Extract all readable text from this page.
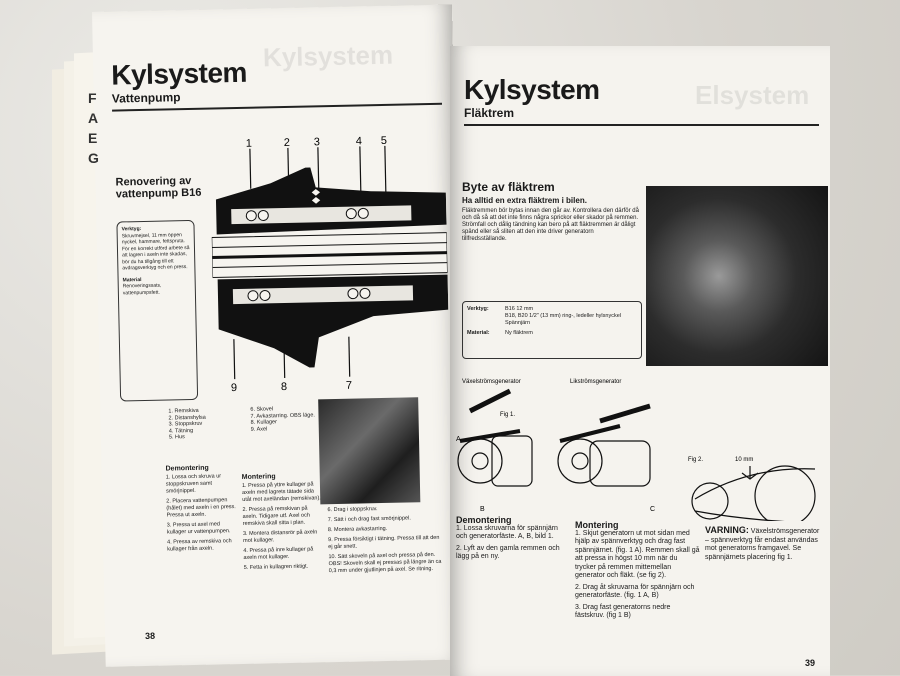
Kylsystem
Kylsystem
Vattenpump
Renovering av vattenpump B16
Verktyg:
Skruvmejsel, 11 mm öppen nyckel, hammare, fettspruta. För en korrekt utförd arbete så att lagren i axeln inte skadas, bör du ha tillgång till ett avdragsverktyg och en press.
Material
Renoveringssats, vattenpumpsfett.
1	2 3	4 5
9	8	7
1. Remskiva
2. Distanshylsa
3. Stoppskruv
4. Tätning
5. Hus
6. Skovel
7. Avkastarring. OBS läge.
8. Kullager
9. Axel
Demontering
1. Lossa och skruva ur stoppskruven samt smörjnippel.
2. Placera vattenpumpen (hålet) med axeln i en press. Pressa ut axeln.
3. Pressa ut axel med kullager ur vattenpumpen.
4. Pressa av remskiva och kullager från axeln.
Montering
1. Pressa på yttre kullager på axeln med lagrets tätade sida utåt mot axeländan (remskivan).
2. Pressa på remskivan på axeln. Tidigare utf. Axel och remskiva skall sitta i plan.
3. Montera distansrör på axeln mot kullager.
4. Pressa på inre kullager på axeln mot kullager.
5. Fetta in kullagren riktigt.
6. Drag i stoppskruv.
7. Sätt i och drag fast smörjnippel.
8. Montera avkastarring.
9. Pressa försiktigt i tätning. Pressa till att den ej går snett.
10. Sätt skoveln på axel och pressa på den. OBS! Skoveln skall ej pressas på längre än ca 0,3 mm under gjutlinjen på axel. Se ritning.
38
Elsystem
Kylsystem
Fläktrem
Byte av fläktrem
Ha alltid en extra fläktrem i bilen.
Fläktremmen bör bytas innan den går av. Kontrollera den därför då och då så att det inte finns några sprickor eller skador på remmen. Strömfall och dålig tändning kan bero på att fläktremmen är dåligt spänd eller så sliten att den inte driver generatorn tillfredsställande.
Verktyg:	B16 12 mm
B18, B20 1/2" (13 mm) ring-, ledeller hylsnyckel
Spännjärn
Material:	Ny fläktrem
Växelströmsgenerator	Likströmsgenerator
Fig 1.
Fig 2.	10 mm
A
B	C
Demontering
1. Lossa skruvarna för spännjärn och generatorfäste. A, B, bild 1.
2. Lyft av den gamla remmen och lägg på en ny.
Montering
1. Skjut generatorn ut mot sidan med hjälp av spännverktyg och drag fast spännjärnet. (fig. 1 A). Remmen skall gå att pressa in högst 10 mm när du trycker på remmen mittemellan generator och fläkt. (se fig 2).
2. Drag åt skruvarna för spännjärn och generatorfäste. (fig. 1 A, B)
3. Drag fast generatorns nedre fästskruv. (fig 1 B)
VARNING: Växelströmsgenerator – spännverktyg får endast användas mot generatorns framgavel. Se spännjärnets placering fig 1.
39
F
A
E
G
